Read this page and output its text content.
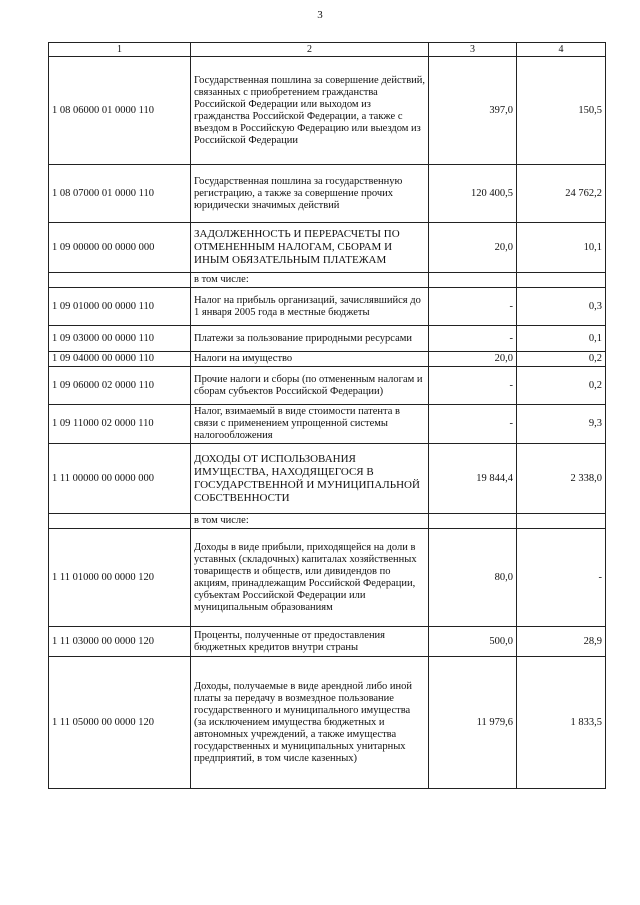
3
1	2	3	4
1 08 06000 01 0000 110	Государственная пошлина за совершение действий, связанных с приобретением гражданства Российской Федерации или выходом из гражданства Российской Федерации, а также с въездом в Российскую Федерацию или выездом из Российской Федерации	397,0	150,5
1 08 07000 01 0000 110	Государственная пошлина за государственную регистрацию, а также за совершение прочих юридически значимых действий	120 400,5	24 762,2
1 09 00000 00 0000 000	ЗАДОЛЖЕННОСТЬ И ПЕРЕРАСЧЕТЫ ПО ОТМЕНЕННЫМ НАЛОГАМ, СБОРАМ И ИНЫМ ОБЯЗАТЕЛЬНЫМ ПЛАТЕЖАМ	20,0	10,1
	в том числе:		
1 09 01000 00 0000 110	Налог на прибыль организаций, зачислявшийся до 1 января 2005 года в местные бюджеты	-	0,3
1 09 03000 00 0000 110	Платежи за пользование природными ресурсами	-	0,1
1 09 04000 00 0000 110	Налоги на имущество	20,0	0,2
1 09 06000 02 0000 110	Прочие налоги и сборы (по отмененным налогам и сборам субъектов Российской Федерации)	-	0,2
1 09 11000 02 0000 110	Налог, взимаемый в виде стоимости патента в связи с применением упрощенной системы налогообложения	-	9,3
1 11 00000 00 0000 000	ДОХОДЫ ОТ ИСПОЛЬЗОВАНИЯ ИМУЩЕСТВА, НАХОДЯЩЕГОСЯ В ГОСУДАРСТВЕННОЙ И МУНИЦИПАЛЬНОЙ СОБСТВЕННОСТИ	19 844,4	2 338,0
	в том числе:		
1 11 01000 00 0000 120	Доходы в виде прибыли, приходящейся на доли в уставных (складочных) капиталах хозяйственных товариществ и обществ, или дивидендов по акциям, принадлежащим Российской Федерации, субъектам Российской Федерации или муниципальным образованиям	80,0	-
1 11 03000 00 0000 120	Проценты, полученные от предоставления бюджетных кредитов внутри страны	500,0	28,9
1 11 05000 00 0000 120	Доходы, получаемые в виде арендной либо иной платы за передачу в возмездное пользование государственного и муниципального имущества (за исключением имущества бюджетных и автономных учреждений, а также имущества государственных и муниципальных унитарных предприятий, в том числе казенных)	11 979,6	1 833,5
